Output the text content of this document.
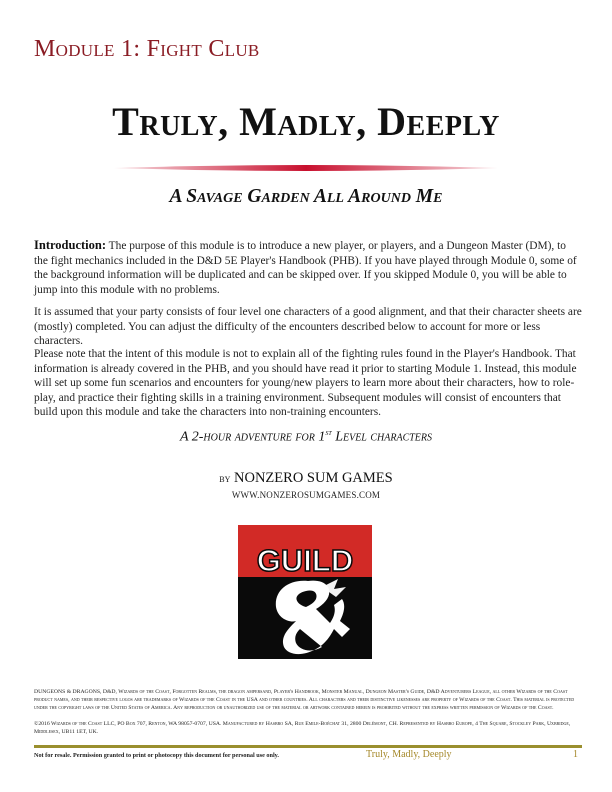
Module 1: Fight Club
Truly, Madly, Deeply
A Savage Garden All Around Me

Introduction: The purpose of this module is to introduce a new player, or players, and a Dungeon Master (DM), to the fight mechanics included in the D&D 5E Player's Handbook (PHB). If you have played through Module 0, some of the background information will be duplicated and can be skipped over. If you skipped Module 0, you will be able to jump into this module with no problems.

It is assumed that your party consists of four level one characters of a good alignment, and that their character sheets are (mostly) completed. You can adjust the difficulty of the encounters described below to account for more or less characters.

Please note that the intent of this module is not to explain all of the fighting rules found in the Player's Handbook. That information is already covered in the PHB, and you should have read it prior to starting Module 1. Instead, this module will set up some fun scenarios and encounters for young/new players to learn more about their characters, how to role-play, and practice their fighting skills in a training environment. Subsequent modules will consist of encounters that build upon this module and take the characters into non-training encounters.

A 2-hour adventure for 1st Level characters

by NONZERO SUM GAMES

WWW.NONZEROSUMGAMES.COM

GUILD

DUNGEONS & DRAGONS, D&D, Wizards of the Coast, Forgotten Realms, the dragon ampersand, Player's Handbook, Monster Manual, Dungeon Master's Guide, D&D Adventurers League, all other Wizards of the Coast product names, and their respective logos are trademarks of Wizards of the Coast in the USA and other countries. All characters and their distinctive likenesses are property of Wizards of the Coast. This material is protected under the copyright laws of the United States of America. Any reproduction or unauthorized use of the material or artwork contained herein is prohibited without the express written permission of Wizards of the Coast.

©2016 Wizards of the Coast LLC, PO Box 707, Renton, WA 98057-0707, USA. Manufactured by Hasbro SA, Rue Emile-Boéchat 31, 2800 Delémont, CH. Represented by Hasbro Europe, 4 The Square, Stockley Park, Uxbridge, Middlesex, UB11 1ET, UK.

Not for resale. Permission granted to print or photocopy this document for personal use only.	Truly, Madly, Deeply	1
